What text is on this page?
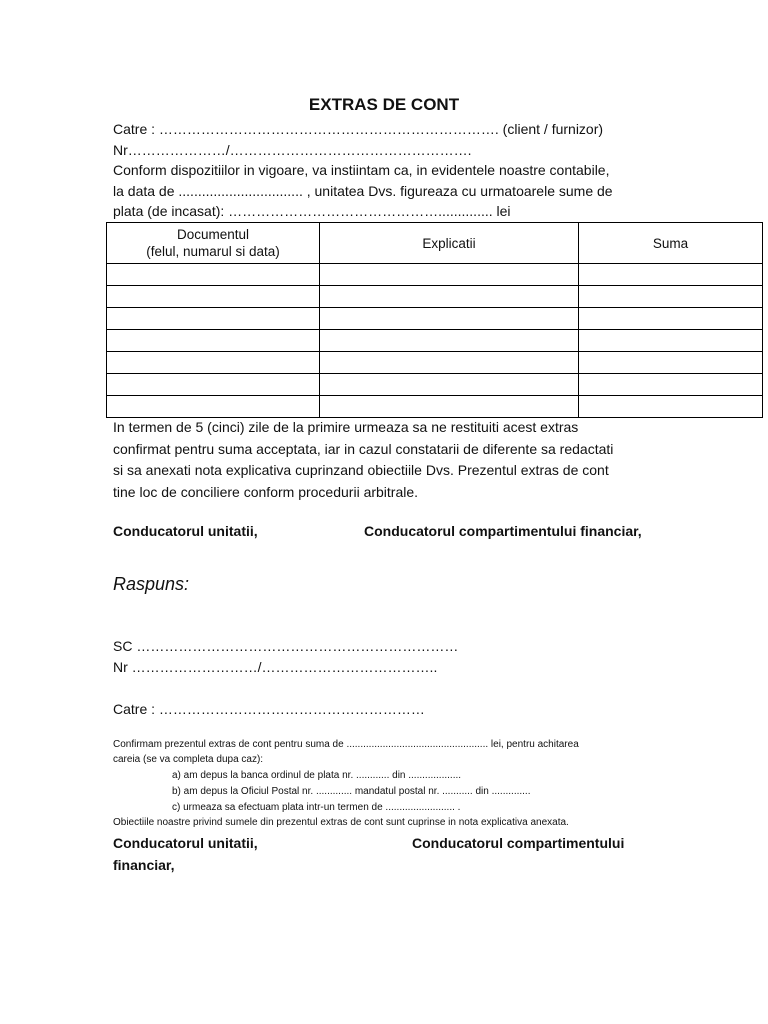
EXTRAS DE CONT
Catre : ………………………………………………………………. (client / furnizor)
Nr…………………/…………………………………………….
Conform dispozitiilor in vigoare, va instiintam ca, in evidentele noastre contabile,
la data de ................................ , unitatea Dvs. figureaza cu urmatoarele sume de
plata (de incasat): ……………………………………….............. lei
Documentul
(felul, numarul si data)	Explicatii	Suma

In termen de 5 (cinci) zile de la primire urmeaza sa ne restituiti acest extras
confirmat pentru suma acceptata, iar in cazul constatarii de diferente sa redactati
si sa anexati nota explicativa cuprinzand obiectiile Dvs. Prezentul extras de cont
tine loc de conciliere conform procedurii arbitrale.
Conducatorul unitatii,	Conducatorul compartimentului financiar,
Raspuns:
SC ……………………………………………………………
Nr ………………………/………………………………..
Catre : …………………………………………………
Confirmam prezentul extras de cont pentru suma de ................................................... lei, pentru achitarea
careia (se va completa dupa caz):
a) am depus la banca ordinul de plata nr. ............ din ...................
b) am depus la Oficiul Postal nr. ............. mandatul postal nr. ........... din ..............
c) urmeaza sa efectuam plata intr-un termen de ......................... .
Obiectiile noastre privind sumele din prezentul extras de cont sunt cuprinse in nota explicativa anexata.
Conducatorul unitatii,	Conducatorul compartimentului
financiar,
